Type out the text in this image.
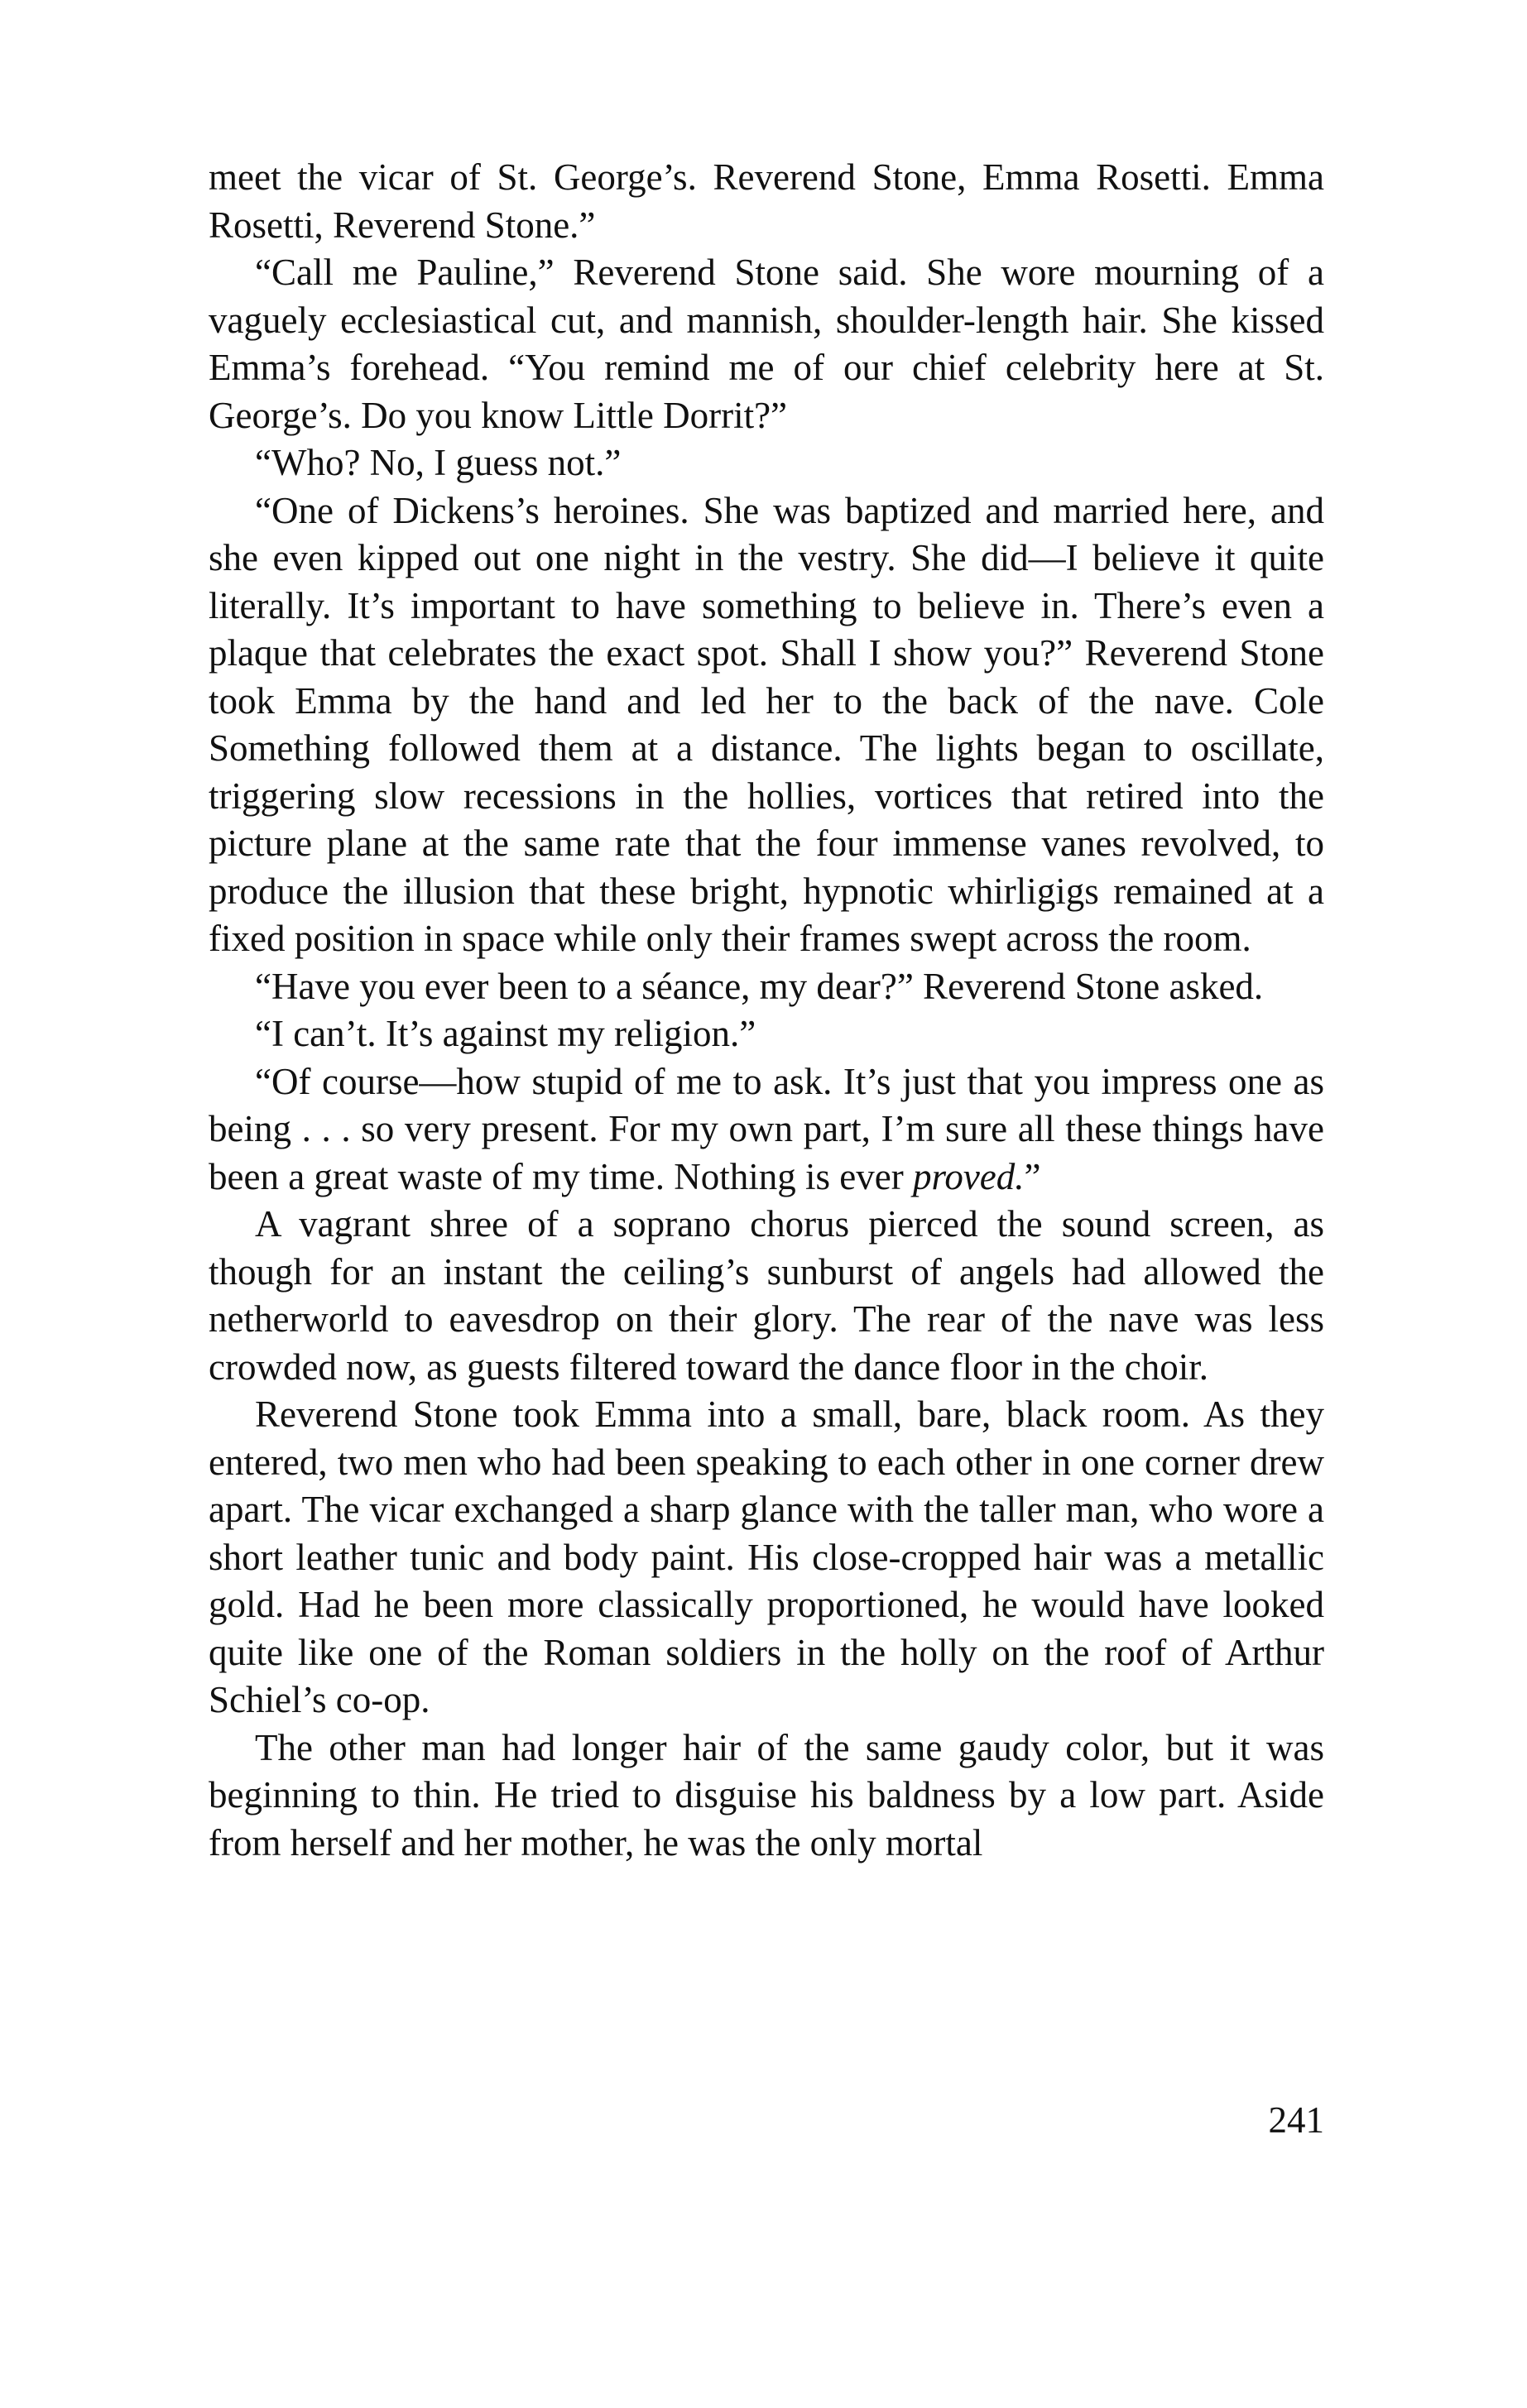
meet the vicar of St. George’s. Reverend Stone, Emma Rosetti. Emma Rosetti, Reverend Stone.”

“Call me Pauline,” Reverend Stone said. She wore mourning of a vaguely ecclesiastical cut, and mannish, shoulder-length hair. She kissed Emma’s forehead. “You remind me of our chief celebrity here at St. George’s. Do you know Little Dorrit?”

“Who? No, I guess not.”

“One of Dickens’s heroines. She was baptized and married here, and she even kipped out one night in the vestry. She did—I believe it quite literally. It’s important to have something to believe in. There’s even a plaque that celebrates the exact spot. Shall I show you?” Reverend Stone took Emma by the hand and led her to the back of the nave. Cole Something followed them at a distance. The lights began to oscillate, triggering slow recessions in the hollies, vortices that retired into the picture plane at the same rate that the four immense vanes revolved, to produce the illusion that these bright, hypnotic whirligigs remained at a fixed position in space while only their frames swept across the room.

“Have you ever been to a séance, my dear?” Reverend Stone asked.

“I can’t. It’s against my religion.”

“Of course—how stupid of me to ask. It’s just that you impress one as being . . . so very present. For my own part, I’m sure all these things have been a great waste of my time. Nothing is ever proved.”

A vagrant shree of a soprano chorus pierced the sound screen, as though for an instant the ceiling’s sunburst of angels had allowed the netherworld to eavesdrop on their glory. The rear of the nave was less crowded now, as guests filtered toward the dance floor in the choir.

Reverend Stone took Emma into a small, bare, black room. As they entered, two men who had been speaking to each other in one corner drew apart. The vicar exchanged a sharp glance with the taller man, who wore a short leather tunic and body paint. His close-cropped hair was a metallic gold. Had he been more classically proportioned, he would have looked quite like one of the Roman soldiers in the holly on the roof of Arthur Schiel’s co-op.

The other man had longer hair of the same gaudy color, but it was beginning to thin. He tried to disguise his baldness by a low part. Aside from herself and her mother, he was the only mortal

241
